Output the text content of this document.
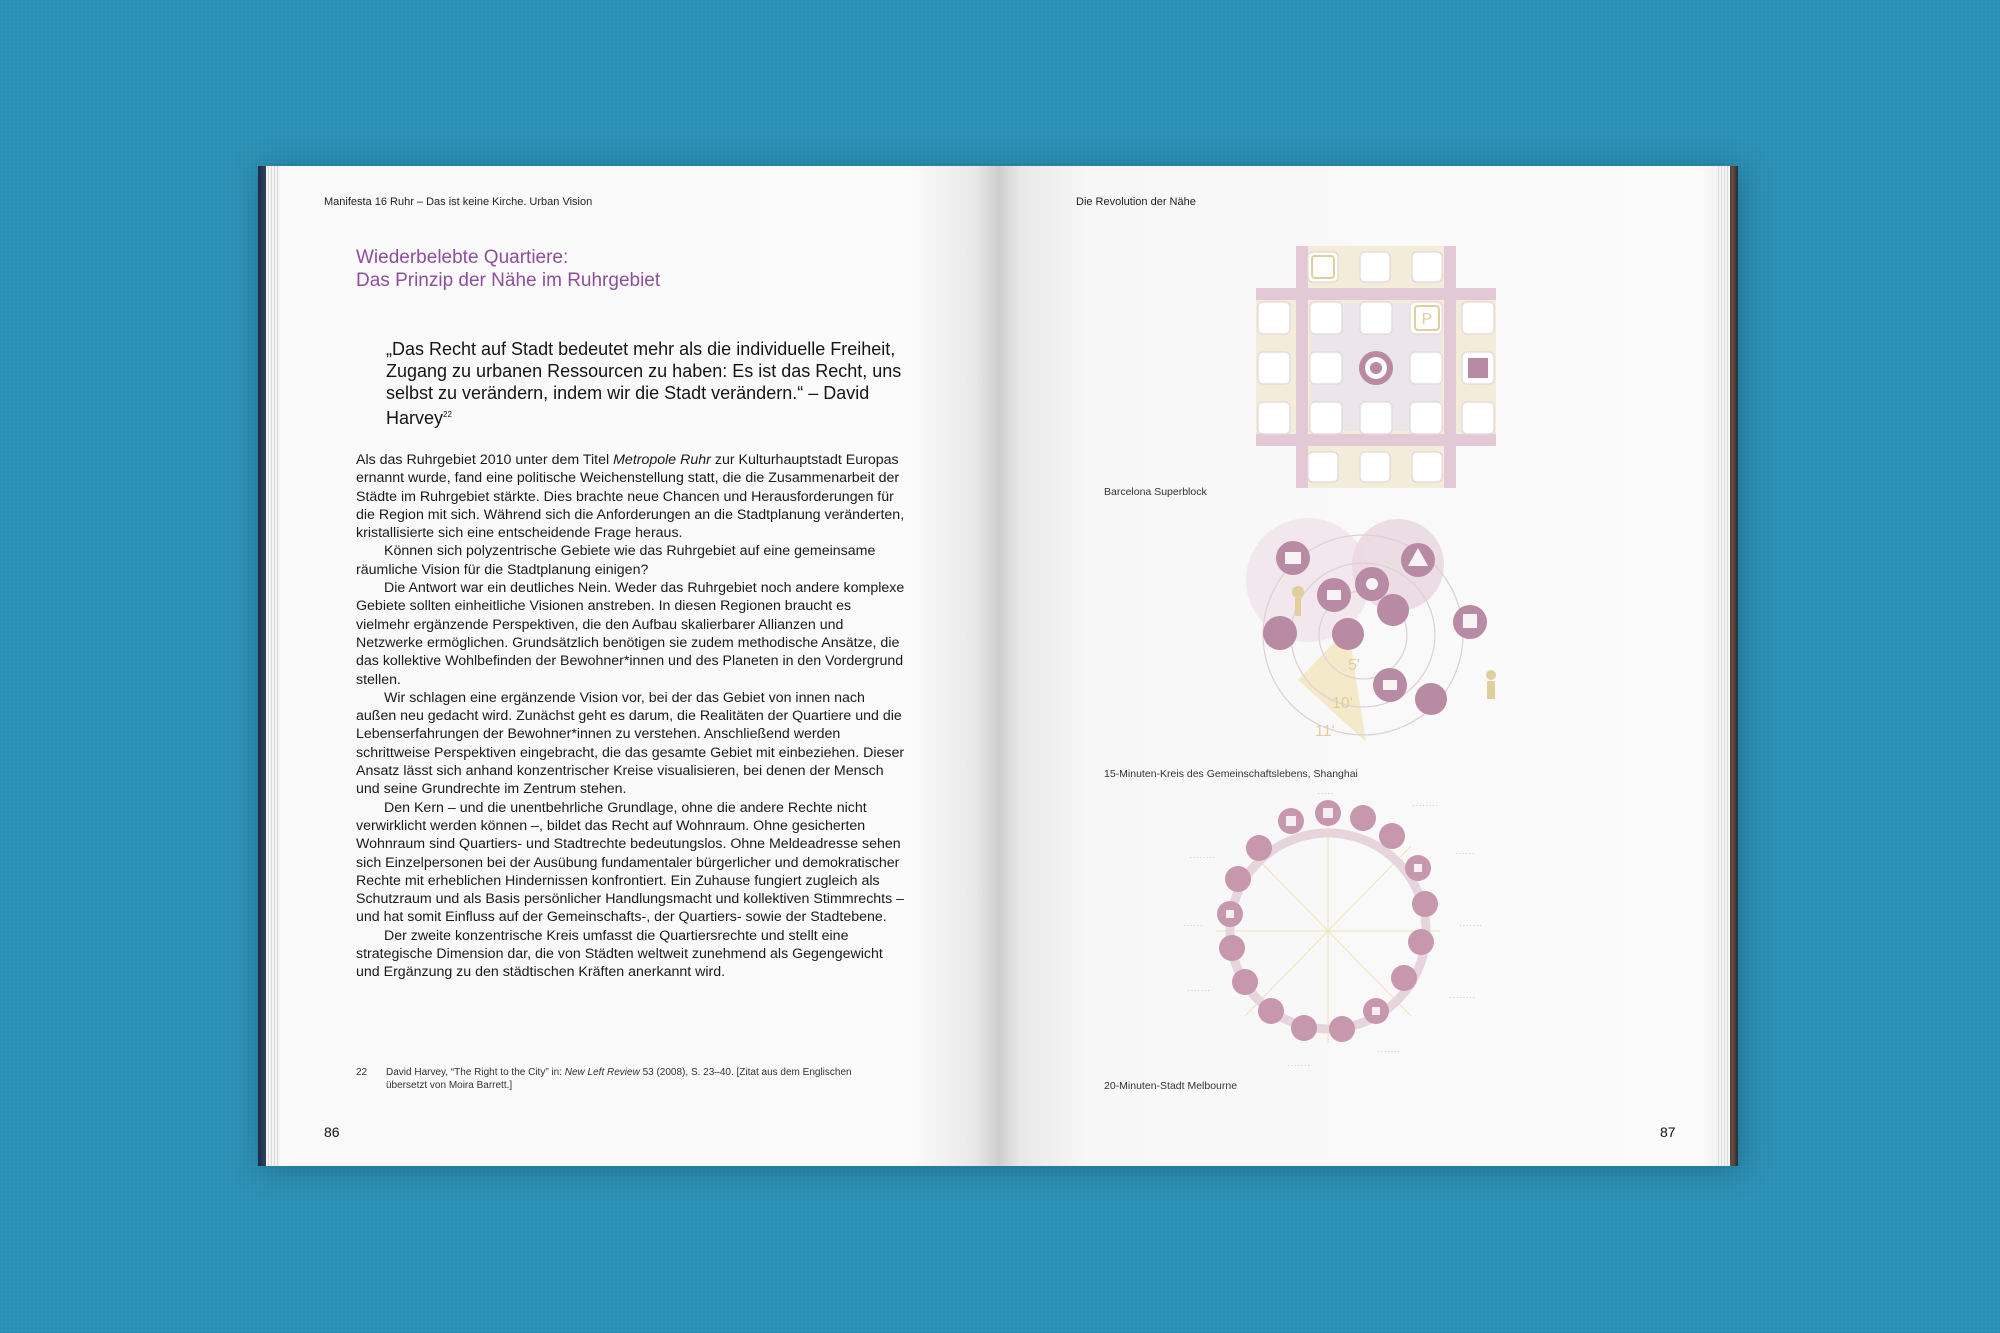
Manifesta 16 Ruhr – Das ist keine Kirche. Urban Vision
Wiederbelebte Quartiere:
Das Prinzip der Nähe im Ruhrgebiet
„Das Recht auf Stadt bedeutet mehr als die individuelle Freiheit, Zugang zu urbanen Ressourcen zu haben: Es ist das Recht, uns selbst zu verändern, indem wir die Stadt verändern.“ – David Harvey$^{22}$

Als das Ruhrgebiet 2010 unter dem Titel Metropole Ruhr zur Kulturhauptstadt Europas ernannt wurde, fand eine politische Weichenstellung statt, die die Zusammenarbeit der Städte im Ruhrgebiet stärkte. Dies brachte neue Chancen und Herausforderungen für die Region mit sich. Während sich die Anforderungen an die Stadtplanung veränderten, kristallisierte sich eine entscheidende Frage heraus.

Können sich polyzentrische Gebiete wie das Ruhrgebiet auf eine gemeinsame räumliche Vision für die Stadtplanung einigen?

Die Antwort war ein deutliches Nein. Weder das Ruhrgebiet noch andere komplexe Gebiete sollten einheitliche Visionen anstreben. In diesen Regionen braucht es vielmehr ergänzende Perspektiven, die den Aufbau skalierbarer Allianzen und Netzwerke ermöglichen. Grundsätzlich benötigen sie zudem methodische Ansätze, die das kollektive Wohlbefinden der Bewohner*innen und des Planeten in den Vordergrund stellen.

Wir schlagen eine ergänzende Vision vor, bei der das Gebiet von innen nach außen neu gedacht wird. Zunächst geht es darum, die Realitäten der Quartiere und die Lebenserfahrungen der Bewohner*innen zu verstehen. Anschließend werden schrittweise Perspektiven eingebracht, die das gesamte Gebiet mit einbeziehen. Dieser Ansatz lässt sich anhand konzentrischer Kreise visualisieren, bei denen der Mensch und seine Grundrechte im Zentrum stehen.

Den Kern – und die unentbehrliche Grundlage, ohne die andere Rechte nicht verwirklicht werden können –, bildet das Recht auf Wohnraum. Ohne gesicherten Wohnraum sind Quartiers- und Stadtrechte bedeutungslos. Ohne Meldeadresse sehen sich Einzelpersonen bei der Ausübung fundamentaler bürgerlicher und demokratischer Rechte mit erheblichen Hindernissen konfrontiert. Ein Zuhause fungiert zugleich als Schutzraum und als Basis persönlicher Handlungsmacht und kollektiven Stimmrechts – und hat somit Einfluss auf der Gemeinschafts-, der Quartiers- sowie der Stadtebene.

Der zweite konzentrische Kreis umfasst die Quartiersrechte und stellt eine strategische Dimension dar, die von Städten weltweit zunehmend als Gegengewicht und Ergänzung zu den städtischen Kräften anerkannt wird.

22	David Harvey, “The Right to the City” in: New Left Review 53 (2008), S. 23–40. [Zitat aus dem Englischen übersetzt von Moira Barrett.]
86
Die Revolution der Nähe
P
Barcelona Superblock
5'
10'
11'
15-Minuten-Kreis des Gemeinschaftslebens, Shanghai
. . . . .
. . . . . . . .
. . . . . .
. . . . . . .
. . . . . . . .
. . . . . . .
. . . . . . .
. . . . . . . .
. . . . . .
. . . . . . .
20-Minuten-Stadt Melbourne
87
